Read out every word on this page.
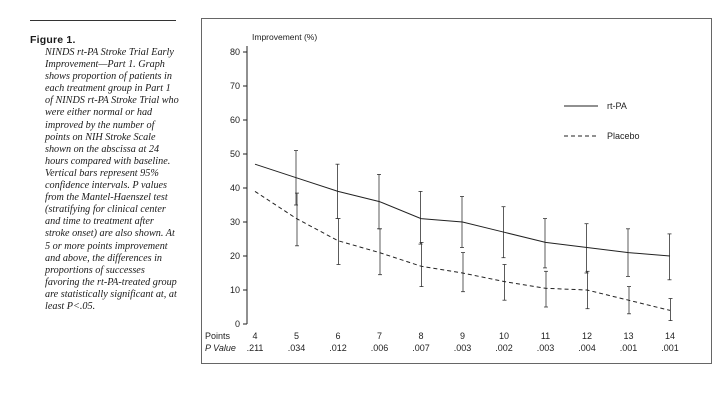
Figure 1.
NINDS rt-PA Stroke Trial Early Improvement—Part 1. Graph shows proportion of patients in each treatment group in Part 1 of NINDS rt-PA Stroke Trial who were either normal or had improved by the number of points on NIH Stroke Scale shown on the abscissa at 24 hours compared with baseline. Vertical bars represent 95% confidence intervals. P values from the Mantel-Haenszel test (stratifying for clinical center and time to treatment after stroke onset) are also shown. At 5 or more points improvement and above, the differences in proportions of successes favoring the rt-PA-treated group are statistically significant at, at least P<.05.
Improvement (%)
0
10
20
30
40
50
60
70
80
rt-PA
Placebo
Points
P Value
4
.211
5
.034
6
.012
7
.006
8
.007
9
.003
10
.002
11
.003
12
.004
13
.001
14
.001
